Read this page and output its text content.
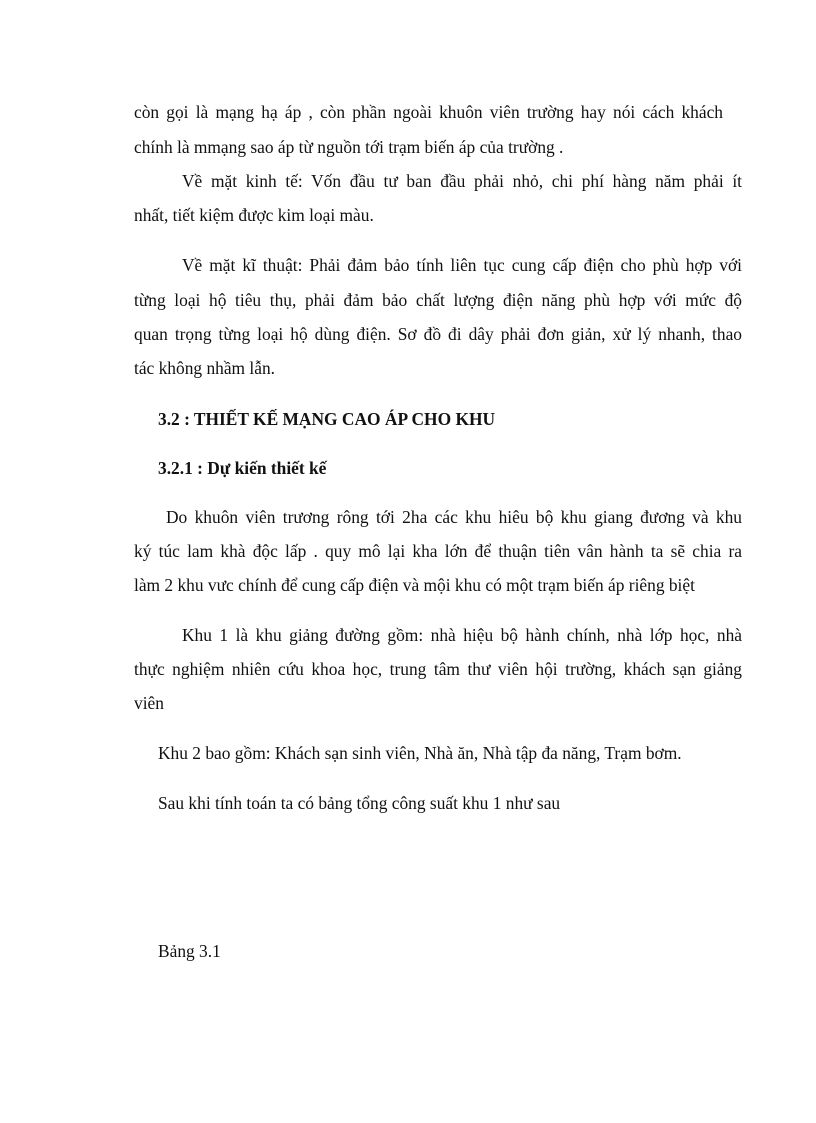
còn gọi là mạng hạ áp , còn phần ngoài khuôn viên trường hay nói cách khách

chính là mmạng sao áp từ nguồn tới trạm biến áp của trường .

Về mặt kinh tế: Vốn đầu tư ban đầu phải nhỏ, chi phí hàng năm phải ít

nhất, tiết kiệm được kim loại màu.

Về mặt kĩ thuật: Phải đảm bảo tính liên tục cung cấp điện cho phù hợp với

từng loại hộ tiêu thụ, phải đảm bảo chất lượng điện năng phù hợp với mức độ

quan trọng từng loại hộ dùng điện. Sơ đồ đi dây phải đơn giản, xử lý nhanh, thao

tác không nhầm lẫn.

3.2 : THIẾT KẾ MẠNG CAO ÁP CHO KHU

3.2.1 : Dự kiến thiết kế

Do khuôn viên trương rông tới 2ha các khu hiêu bộ khu giang đương và khu

ký túc lam khà độc lấp . quy mô lại kha lớn để thuận tiên vân hành ta sẽ chia ra

làm 2 khu vưc chính để cung cấp điện và mội khu có một trạm biến áp riêng biệt

Khu 1 là khu giảng đường gồm: nhà hiệu bộ hành chính, nhà lớp học, nhà

thực nghiệm nhiên cứu khoa học, trung tâm thư viên hội trường, khách sạn giảng

viên

Khu 2 bao gồm: Khách sạn sinh viên, Nhà ăn, Nhà tập đa năng, Trạm bơm.

Sau khi tính toán ta có bảng tổng công suất khu 1 như sau

Bảng 3.1
